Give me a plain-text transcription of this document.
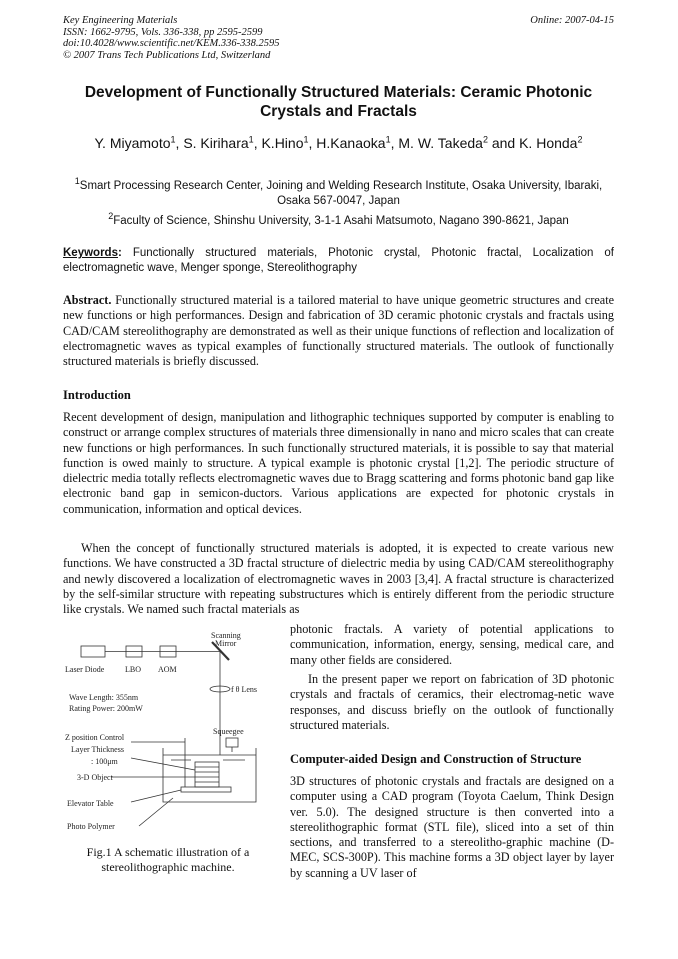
Key Engineering Materials
ISSN: 1662-9795, Vols. 336-338, pp 2595-2599
doi:10.4028/www.scientific.net/KEM.336-338.2595
© 2007 Trans Tech Publications Ltd, Switzerland
Online: 2007-04-15
Development of Functionally Structured Materials: Ceramic Photonic Crystals and Fractals
Y. Miyamoto$^1$, S. Kirihara$^1$, K.Hino$^1$, H.Kanaoka$^1$, M. W. Takeda$^2$ and K. Honda$^2$
$^1$Smart Processing Research Center, Joining and Welding Research Institute, Osaka University, Ibaraki, Osaka 567-0047, Japan
$^2$Faculty of Science, Shinshu University, 3-1-1 Asahi Matsumoto, Nagano 390-8621, Japan
Keywords: Functionally structured materials, Photonic crystal, Photonic fractal, Localization of electromagnetic wave, Menger sponge, Stereolithography

Abstract. Functionally structured material is a tailored material to have unique geometric structures and create new functions or high performances. Design and fabrication of 3D ceramic photonic crystals and fractals using CAD/CAM stereolithography are demonstrated as well as their unique functions of reflection and localization of electromagnetic waves as typical examples of functionally structured materials. The outlook of functionally structured materials is briefly discussed.

Introduction

Recent development of design, manipulation and lithographic techniques supported by computer is enabling to construct or arrange complex structures of materials three dimensionally in nano and micro scales that can create new functions or high performances. In such functionally structured materials, it is possible to say that material function is owed mainly to structure. A typical example is photonic crystal [1,2]. The periodic structure of dielectric media totally reflects electromagnetic waves due to Bragg scattering and forms photonic band gap like electronic band gap in semicon-ductors. Various applications are expected for photonic crystals in communication, information and optical devices.

When the concept of functionally structured materials is adopted, it is expected to create various new functions. We have constructed a 3D fractal structure of dielectric media by using CAD/CAM stereolithography and newly discovered a localization of electromagnetic waves in 2003 [3,4]. A fractal structure is characterized by the self-similar structure with repeating substructures which is entirely different from the periodic structure like crystals. We named such fractal materials as

Scanning
Mirror
Laser Diode	LBO AOM
Wave Length: 355nm
Rating Power: 200mW
f θ Lens
Squeegee
Z position Control
Layer Thickness
: 100μm
3-D Object
Elevator Table
Photo Polymer
Fig.1 A schematic illustration of a stereolithographic machine.

photonic fractals. A variety of potential applications to communication, information, energy, sensing, medical care, and many other fields are considered.

In the present paper we report on fabrication of 3D photonic crystals and fractals of ceramics, their electromag-netic wave responses, and discuss briefly on the outlook of functionally structured materials.

Computer-aided Design and Construction of Structure

3D structures of photonic crystals and fractals are designed on a computer using a CAD program (Toyota Caelum, Think Design ver. 5.0). The designed structure is then converted into a stereolithographic format (STL file), sliced into a set of thin sections, and transferred to a stereolitho-graphic machine (D-MEC, SCS-300P). This machine forms a 3D object layer by layer by scanning a UV laser of
